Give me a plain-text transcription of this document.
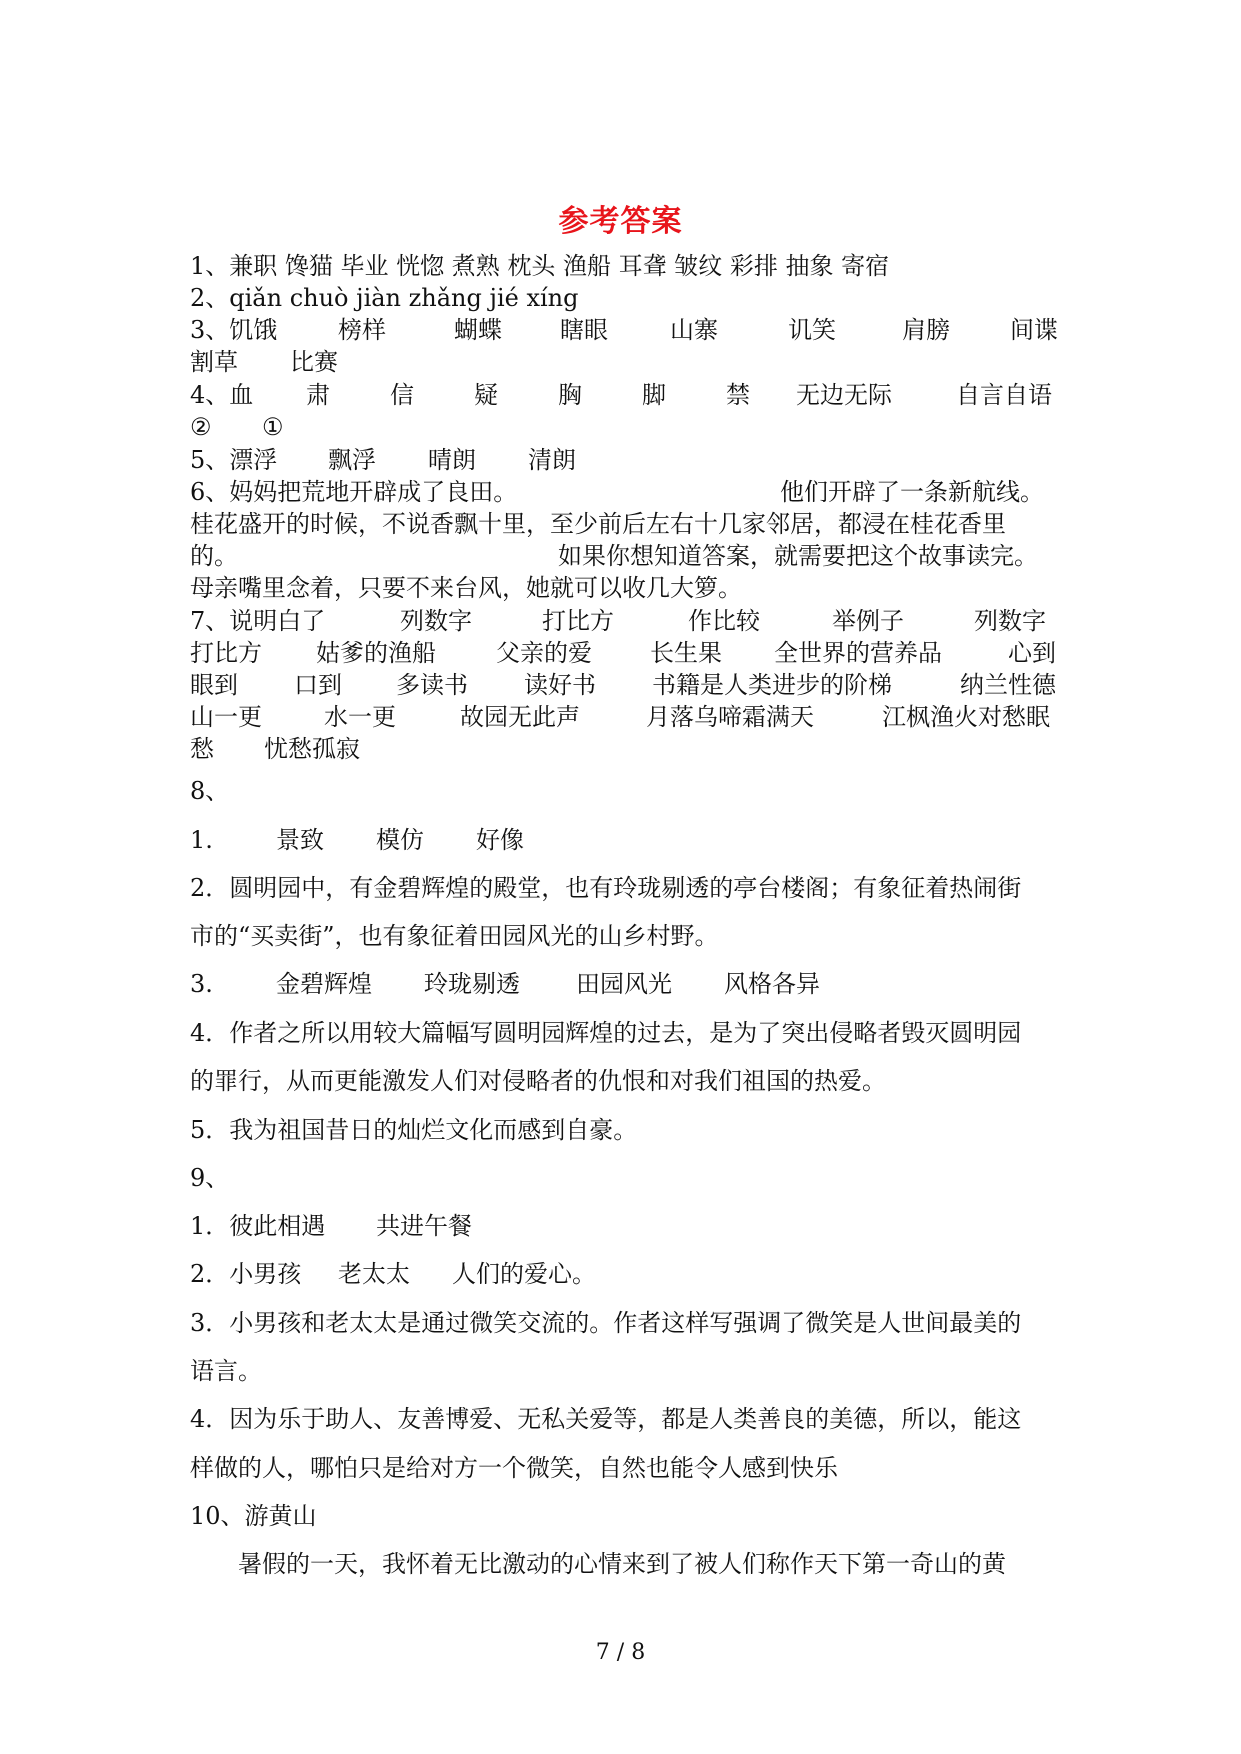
参考答案
1、兼职 馋猫 毕业 恍惚 煮熟 枕头 渔船 耳聋 皱纹 彩排 抽象 寄宿
2、qiǎn chuò jiàn zhǎng jié xíng
3、饥饿	榜样	蝴蝶 瞎眼	山寨	讥笑	肩膀	间谍
割草 比赛
4、血 肃	信	疑	胸	脚	禁 无边无际	自言自语
② ①
5、漂浮 飘浮 晴朗 清朗
6、妈妈把荒地开辟成了良田。	他们开辟了一条新航线。
桂花盛开的时候，不说香飘十里，至少前后左右十几家邻居，都浸在桂花香里
的。	如果你想知道答案，就需要把这个故事读完。
母亲嘴里念着，只要不来台风，她就可以收几大箩。
7、说明白了	列数字	打比方	作比较	举例子	列数字
打比方 姑爹的渔船	父亲的爱 长生果 全世界的营养品	心到
眼到 口到 多读书 读好书 书籍是人类进步的阶梯	纳兰性德
山一更	水一更	故园无此声	月落乌啼霜满天	江枫渔火对愁眠
愁 忧愁孤寂
8、
1.	景致 模仿 好像
2．圆明园中，有金碧辉煌的殿堂，也有玲珑剔透的亭台楼阁；有象征着热闹街
市的“买卖街”，也有象征着田园风光的山乡村野。
3.	金碧辉煌 玲珑剔透 田园风光 风格各异
4．作者之所以用较大篇幅写圆明园辉煌的过去，是为了突出侵略者毁灭圆明园
的罪行，从而更能激发人们对侵略者的仇恨和对我们祖国的热爱。
5．我为祖国昔日的灿烂文化而感到自豪。
9、
1．彼此相遇 共进午餐
2．小男孩 老太太 人们的爱心。
3．小男孩和老太太是通过微笑交流的。作者这样写强调了微笑是人世间最美的
语言。
4．因为乐于助人、友善博爱、无私关爱等，都是人类善良的美德，所以，能这
样做的人，哪怕只是给对方一个微笑，自然也能令人感到快乐
10、游黄山
暑假的一天，我怀着无比激动的心情来到了被人们称作天下第一奇山的黄
7 / 8
